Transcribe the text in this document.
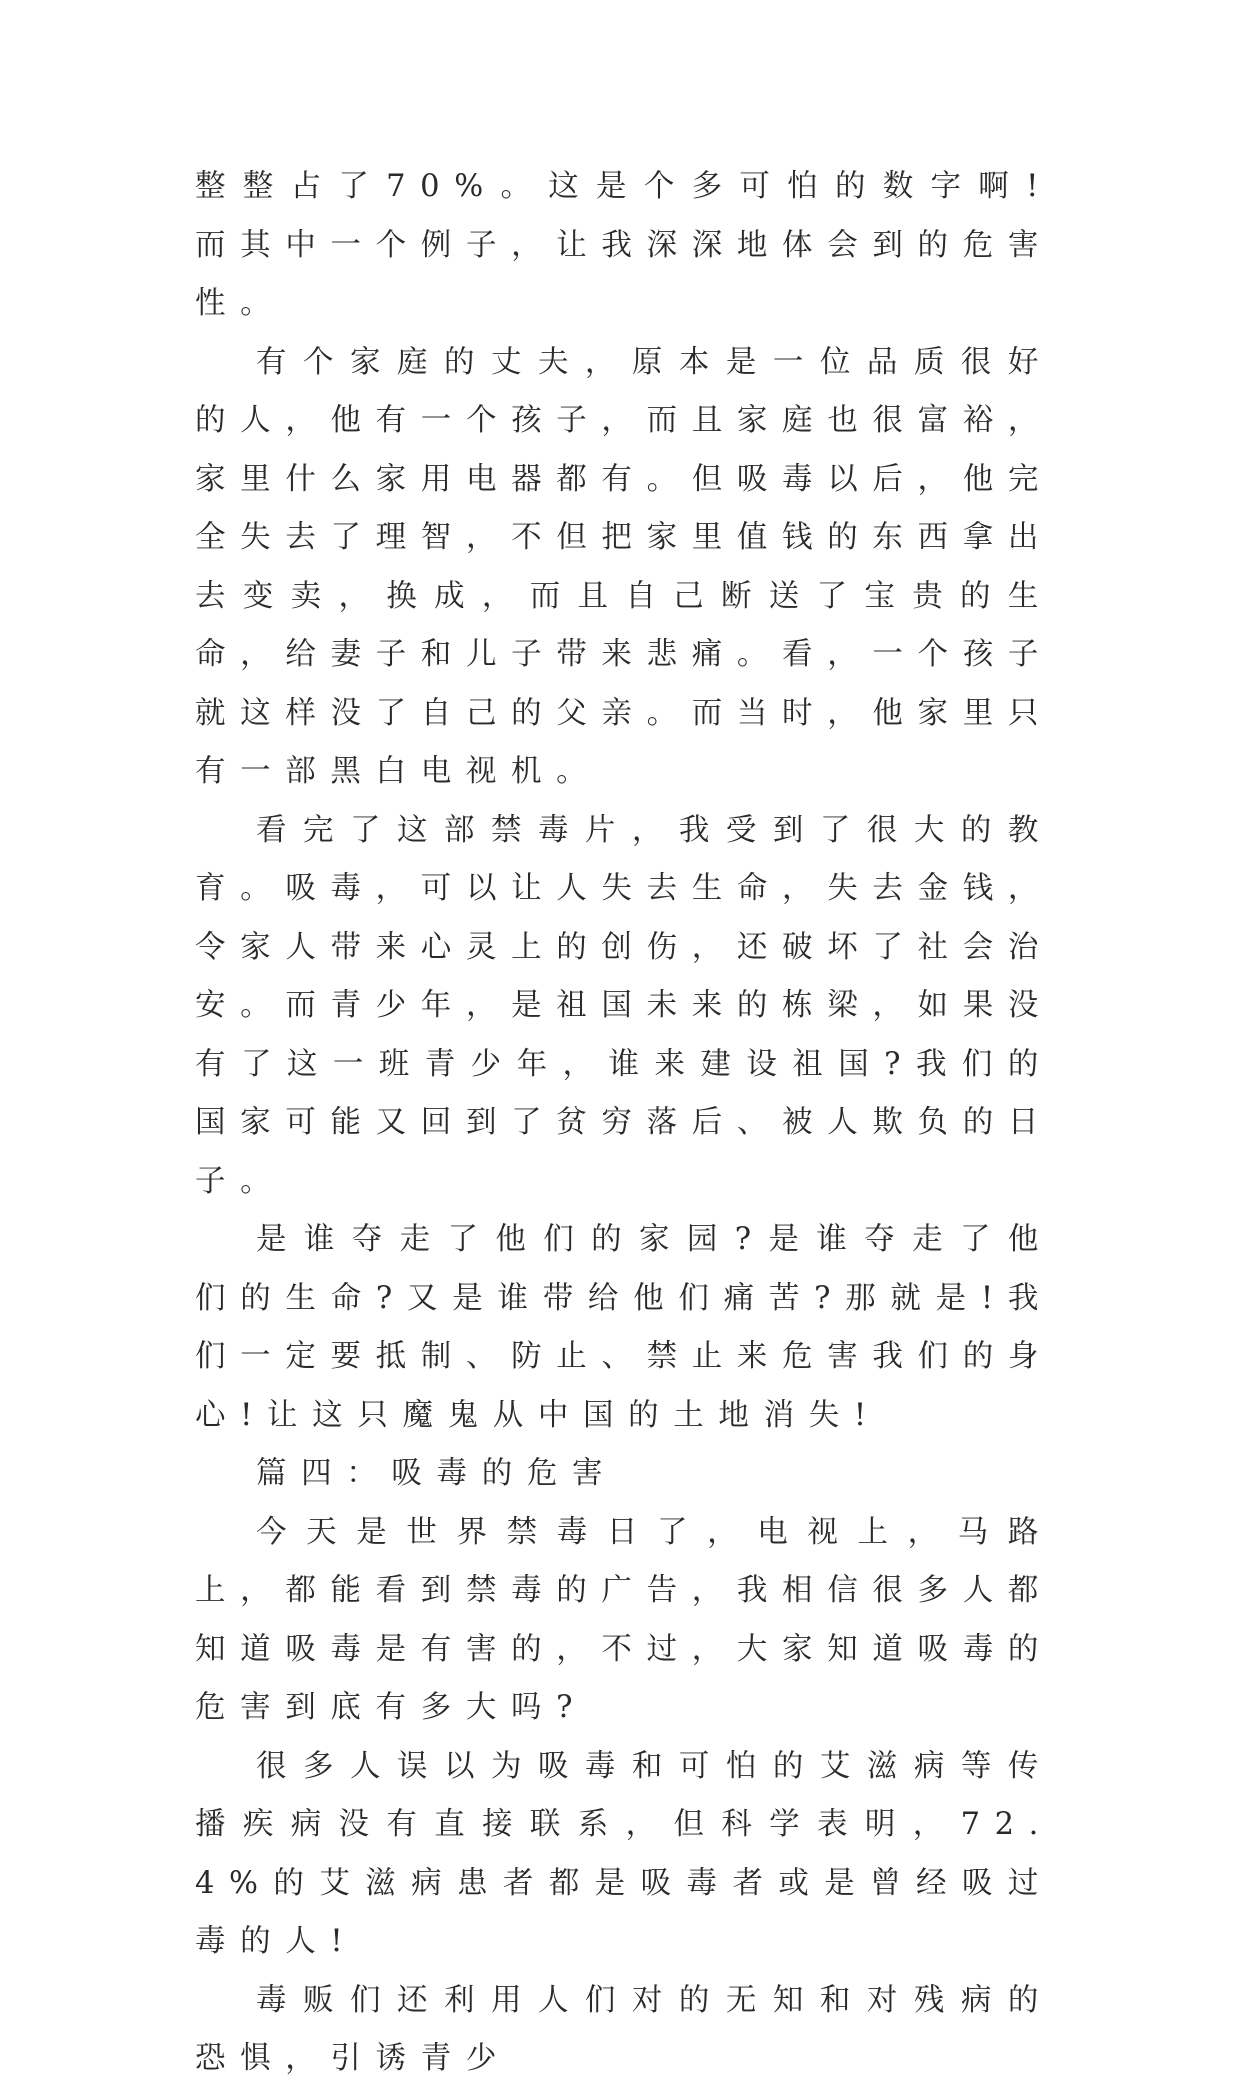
整整占了70%。这是个多可怕的数字啊!而其中一个例子，让我深深地体会到的危害性。

有个家庭的丈夫，原本是一位品质很好的人，他有一个孩子，而且家庭也很富裕，家里什么家用电器都有。但吸毒以后，他完全失去了理智，不但把家里值钱的东西拿出去变卖，换成，而且自己断送了宝贵的生命，给妻子和儿子带来悲痛。看，一个孩子就这样没了自己的父亲。而当时，他家里只有一部黑白电视机。

看完了这部禁毒片，我受到了很大的教育。吸毒，可以让人失去生命，失去金钱，令家人带来心灵上的创伤，还破坏了社会治安。而青少年，是祖国未来的栋梁，如果没有了这一班青少年，谁来建设祖国?我们的国家可能又回到了贫穷落后、被人欺负的日子。

是谁夺走了他们的家园?是谁夺走了他们的生命?又是谁带给他们痛苦?那就是!我们一定要抵制、防止、禁止来危害我们的身心!让这只魔鬼从中国的土地消失!

篇四：吸毒的危害

今天是世界禁毒日了，电视上，马路上，都能看到禁毒的广告，我相信很多人都知道吸毒是有害的，不过，大家知道吸毒的危害到底有多大吗?

很多人误以为吸毒和可怕的艾滋病等传播疾病没有直接联系，但科学表明，72.4%的艾滋病患者都是吸毒者或是曾经吸过毒的人!

毒贩们还利用人们对的无知和对残病的恐惧，引诱青少
